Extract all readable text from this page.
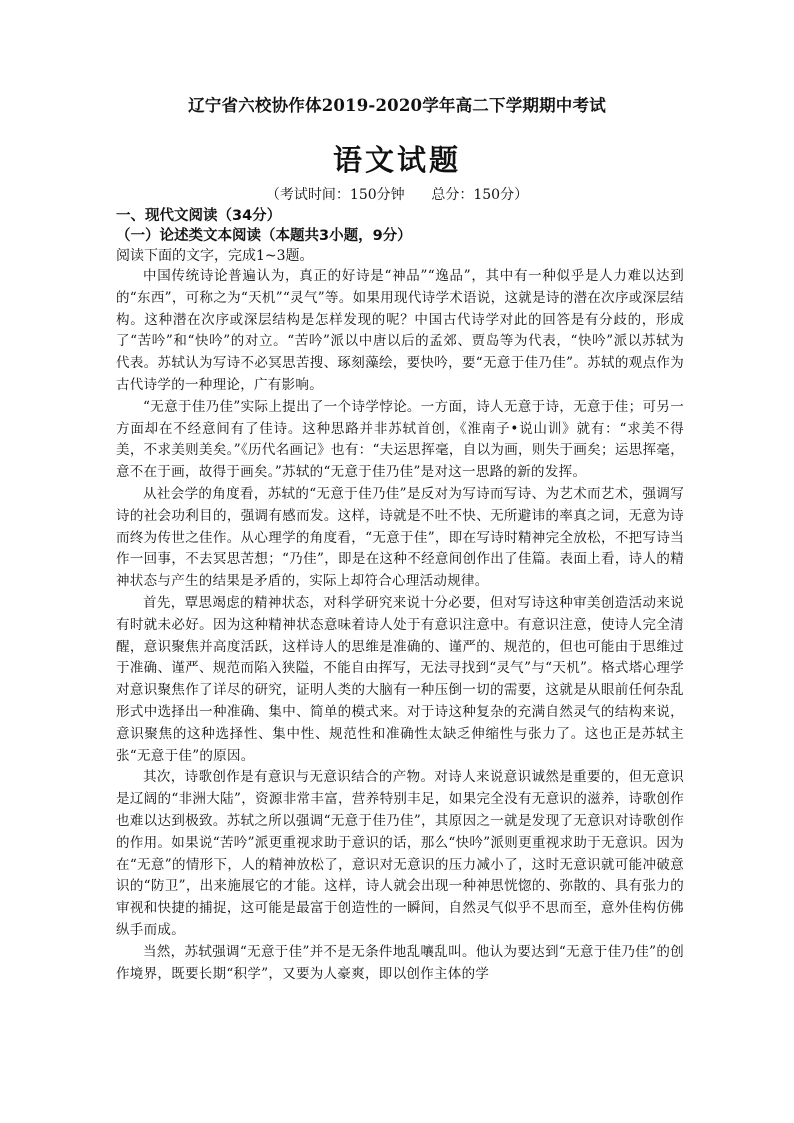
辽宁省六校协作体2019-2020学年高二下学期期中考试
语文试题
（考试时间：150分钟      总分：150分）

一、现代文阅读（34分）

（一）论述类文本阅读（本题共3小题，9分）

阅读下面的文字，完成1~3题。

中国传统诗论普遍认为，真正的好诗是“神品”“逸品”，其中有一种似乎是人力难以达到的“东西”，可称之为“天机”“灵气”等。如果用现代诗学术语说，这就是诗的潜在次序或深层结构。这种潜在次序或深层结构是怎样发现的呢？中国古代诗学对此的回答是有分歧的，形成了“苦吟”和“快吟”的对立。“苦吟”派以中唐以后的孟郊、贾岛等为代表，“快吟”派以苏轼为代表。苏轼认为写诗不必冥思苦搜、琢刻藻绘，要快吟，要“无意于佳乃佳”。苏轼的观点作为古代诗学的一种理论，广有影响。

“无意于佳乃佳”实际上提出了一个诗学悖论。一方面，诗人无意于诗，无意于佳；可另一方面却在不经意间有了佳诗。这种思路并非苏轼首创，《淮南子•说山训》就有：“求美不得美，不求美则美矣。”《历代名画记》也有：“夫运思挥毫，自以为画，则失于画矣；运思挥毫，意不在于画，故得于画矣。”苏轼的“无意于佳乃佳”是对这一思路的新的发挥。

从社会学的角度看，苏轼的“无意于佳乃佳”是反对为写诗而写诗、为艺术而艺术，强调写诗的社会功利目的，强调有感而发。这样，诗就是不吐不快、无所避讳的率真之词，无意为诗而终为传世之佳作。从心理学的角度看，“无意于佳”，即在写诗时精神完全放松，不把写诗当作一回事，不去冥思苦想；“乃佳”，即是在这种不经意间创作出了佳篇。表面上看，诗人的精神状态与产生的结果是矛盾的，实际上却符合心理活动规律。

首先，覃思竭虑的精神状态，对科学研究来说十分必要，但对写诗这种审美创造活动来说有时就未必好。因为这种精神状态意味着诗人处于有意识注意中。有意识注意，使诗人完全清醒，意识聚焦并高度活跃，这样诗人的思维是准确的、谨严的、规范的，但也可能由于思维过于准确、谨严、规范而陷入狭隘，不能自由挥写，无法寻找到“灵气”与“天机”。格式塔心理学对意识聚焦作了详尽的研究，证明人类的大脑有一种压倒一切的需要，这就是从眼前任何杂乱形式中选择出一种准确、集中、简单的模式来。对于诗这种复杂的充满自然灵气的结构来说，意识聚焦的这种选择性、集中性、规范性和准确性太缺乏伸缩性与张力了。这也正是苏轼主张“无意于佳”的原因。

其次，诗歌创作是有意识与无意识结合的产物。对诗人来说意识诚然是重要的，但无意识是辽阔的“非洲大陆”，资源非常丰富，营养特别丰足，如果完全没有无意识的滋养，诗歌创作也难以达到极致。苏轼之所以强调“无意于佳乃佳”，其原因之一就是发现了无意识对诗歌创作的作用。如果说“苦吟”派更重视求助于意识的话，那么“快吟”派则更重视求助于无意识。因为在“无意”的情形下，人的精神放松了，意识对无意识的压力减小了，这时无意识就可能冲破意识的“防卫”，出来施展它的才能。这样，诗人就会出现一种神思恍惚的、弥散的、具有张力的审视和快捷的捕捉，这可能是最富于创造性的一瞬间，自然灵气似乎不思而至，意外佳构仿佛纵手而成。

当然，苏轼强调“无意于佳”并不是无条件地乱嚷乱叫。他认为要达到“无意于佳乃佳”的创作境界，既要长期“积学”，又要为人豪爽，即以创作主体的学
